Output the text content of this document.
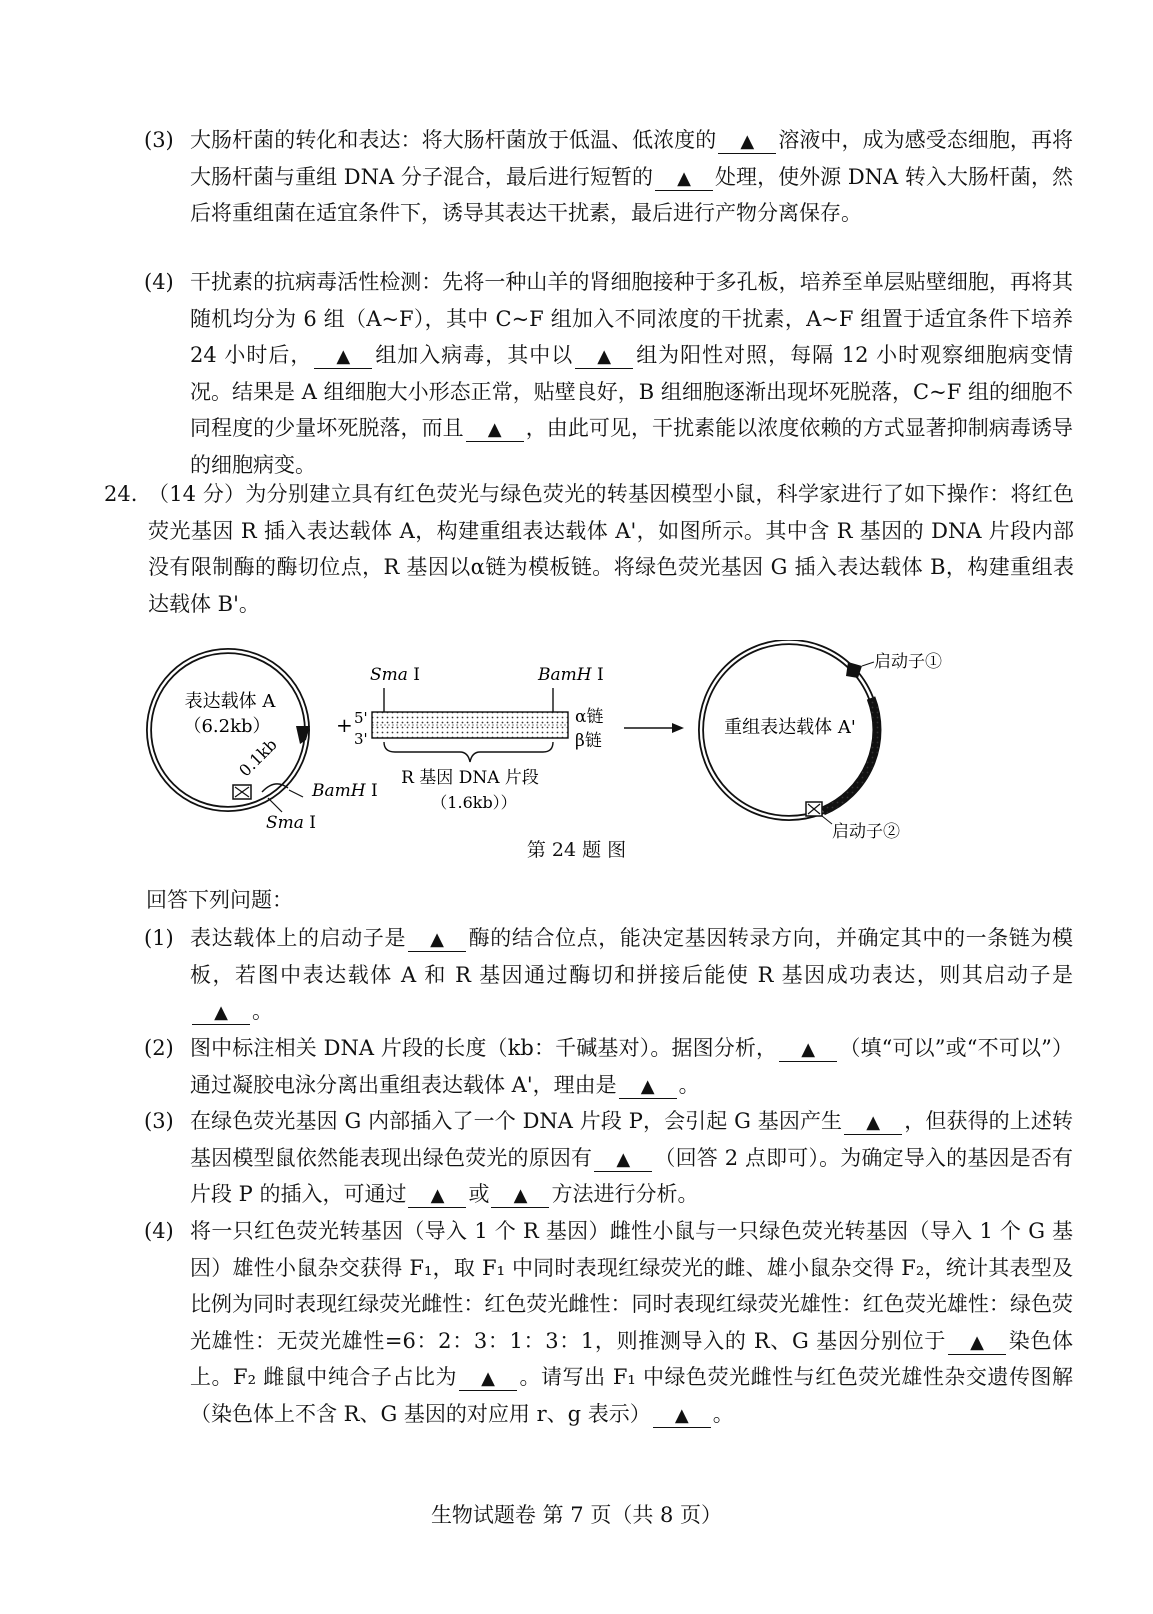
(3) 大肠杆菌的转化和表达：将大肠杆菌放于低温、低浓度的 ▲ 溶液中，成为感受态细胞，再将大肠杆菌与重组 DNA 分子混合，最后进行短暂的 ▲ 处理，使外源 DNA 转入大肠杆菌，然后将重组菌在适宜条件下，诱导其表达干扰素，最后进行产物分离保存。
(4) 干扰素的抗病毒活性检测：先将一种山羊的肾细胞接种于多孔板，培养至单层贴壁细胞，再将其随机均分为 6 组（A~F），其中 C~F 组加入不同浓度的干扰素，A~F 组置于适宜条件下培养 24 小时后， ▲ 组加入病毒，其中以 ▲ 组为阳性对照，每隔 12 小时观察细胞病变情况。结果是 A 组细胞大小形态正常，贴壁良好，B 组细胞逐渐出现坏死脱落，C~F 组的细胞不同程度的少量坏死脱落，而且 ▲ ，由此可见，干扰素能以浓度依赖的方式显著抑制病毒诱导的细胞病变。
24. （14 分）为分别建立具有红色荧光与绿色荧光的转基因模型小鼠，科学家进行了如下操作：将红色荧光基因 R 插入表达载体 A，构建重组表达载体 A'，如图所示。其中含 R 基因的 DNA 片段内部没有限制酶的酶切位点，R 基因以α链为模板链。将绿色荧光基因 G 插入表达载体 B，构建重组表达载体 B'。
表达载体 A
（6.2kb）
0.1kb
BamH I
Sma I
+
Sma I	BamH I
5'
3'
α链
β链
R 基因 DNA 片段
（1.6kb））
重组表达载体 A'
启动子①
启动子②
第 24 题 图
回答下列问题：
(1) 表达载体上的启动子是 ▲ 酶的结合位点，能决定基因转录方向，并确定其中的一条链为模板，若图中表达载体 A 和 R 基因通过酶切和拼接后能使 R 基因成功表达，则其启动子是▲ 。
(2) 图中标注相关 DNA 片段的长度（kb：千碱基对）。据图分析， ▲ （填“可以”或“不可以”）通过凝胶电泳分离出重组表达载体 A'，理由是 ▲ 。
(3) 在绿色荧光基因 G 内部插入了一个 DNA 片段 P，会引起 G 基因产生 ▲ ，但获得的上述转基因模型鼠依然能表现出绿色荧光的原因有 ▲ （回答 2 点即可）。为确定导入的基因是否有片段 P 的插入，可通过 ▲ 或 ▲ 方法进行分析。
(4) 将一只红色荧光转基因（导入 1 个 R 基因）雌性小鼠与一只绿色荧光转基因（导入 1 个 G 基因）雄性小鼠杂交获得 F₁，取 F₁ 中同时表现红绿荧光的雌、雄小鼠杂交得 F₂，统计其表型及比例为同时表现红绿荧光雌性：红色荧光雌性：同时表现红绿荧光雄性：红色荧光雄性：绿色荧光雄性：无荧光雄性=6：2：3：1：3：1，则推测导入的 R、G 基因分别位于 ▲ 染色体上。F₂ 雌鼠中纯合子占比为 ▲ 。请写出 F₁ 中绿色荧光雌性与红色荧光雄性杂交遗传图解（染色体上不含 R、G 基因的对应用 r、g 表示） ▲ 。
生物试题卷 第 7 页（共 8 页）
